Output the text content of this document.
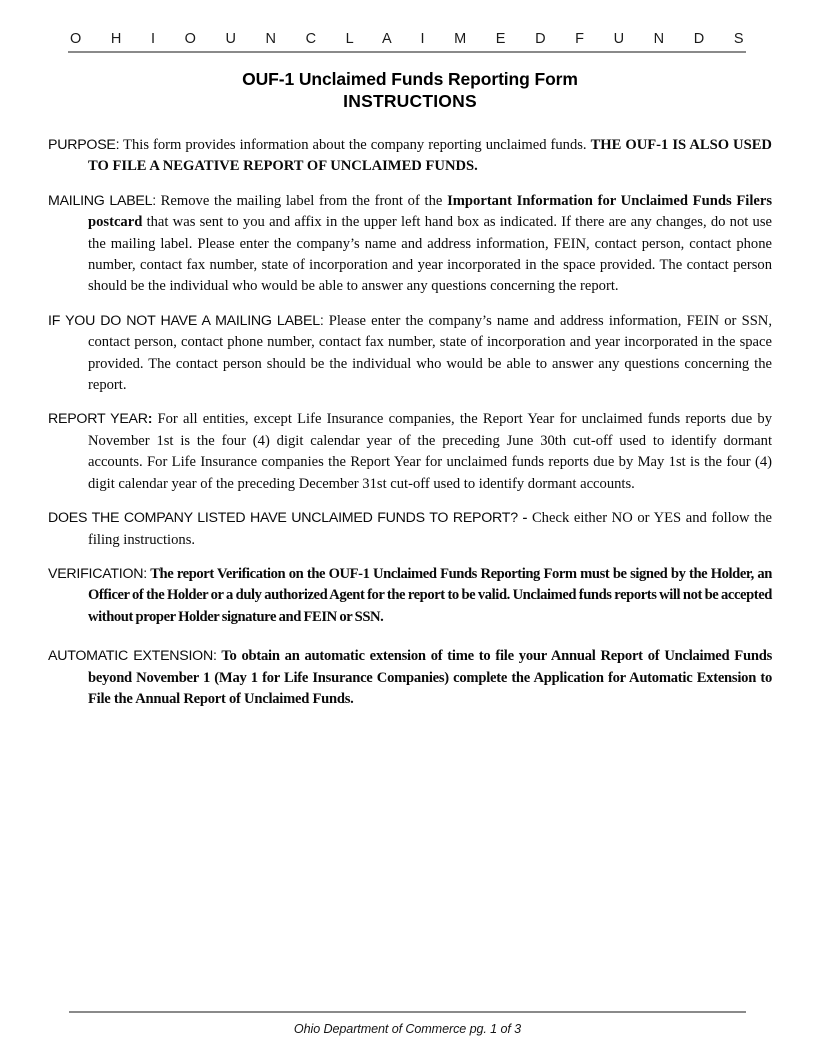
O H I O U N C L A I M E D F U N D S
OUF-1 Unclaimed Funds Reporting Form
INSTRUCTIONS

PURPOSE: This form provides information about the company reporting unclaimed funds. THE OUF-1 IS ALSO USED TO FILE A NEGATIVE REPORT OF UNCLAIMED FUNDS.

MAILING LABEL: Remove the mailing label from the front of the Important Information for Unclaimed Funds Filers postcard that was sent to you and affix in the upper left hand box as indicated. If there are any changes, do not use the mailing label. Please enter the company’s name and address information, FEIN, contact person, contact phone number, contact fax number, state of incorporation and year incorporated in the space provided. The contact person should be the individual who would be able to answer any questions concerning the report.

IF YOU DO NOT HAVE A MAILING LABEL: Please enter the company’s name and address information, FEIN or SSN, contact person, contact phone number, contact fax number, state of incorporation and year incorporated in the space provided. The contact person should be the individual who would be able to answer any questions concerning the report.

REPORT YEAR: For all entities, except Life Insurance companies, the Report Year for unclaimed funds reports due by November 1st is the four (4) digit calendar year of the preceding June 30th cut-off used to identify dormant accounts. For Life Insurance companies the Report Year for unclaimed funds reports due by May 1st is the four (4) digit calendar year of the preceding December 31st cut-off used to identify dormant accounts.

DOES THE COMPANY LISTED HAVE UNCLAIMED FUNDS TO REPORT? - Check either NO or YES and follow the filing instructions.

VERIFICATION: The report Verification on the OUF-1 Unclaimed Funds Reporting Form must be signed by the Holder, an Officer of the Holder or a duly authorized Agent for the report to be valid. Unclaimed funds reports will not be accepted without proper Holder signature and FEIN or SSN.

AUTOMATIC EXTENSION: To obtain an automatic extension of time to file your Annual Report of Unclaimed Funds beyond November 1 (May 1 for Life Insurance Companies) complete the Application for Automatic Extension to File the Annual Report of Unclaimed Funds.

Ohio Department of Commerce pg. 1 of 3
